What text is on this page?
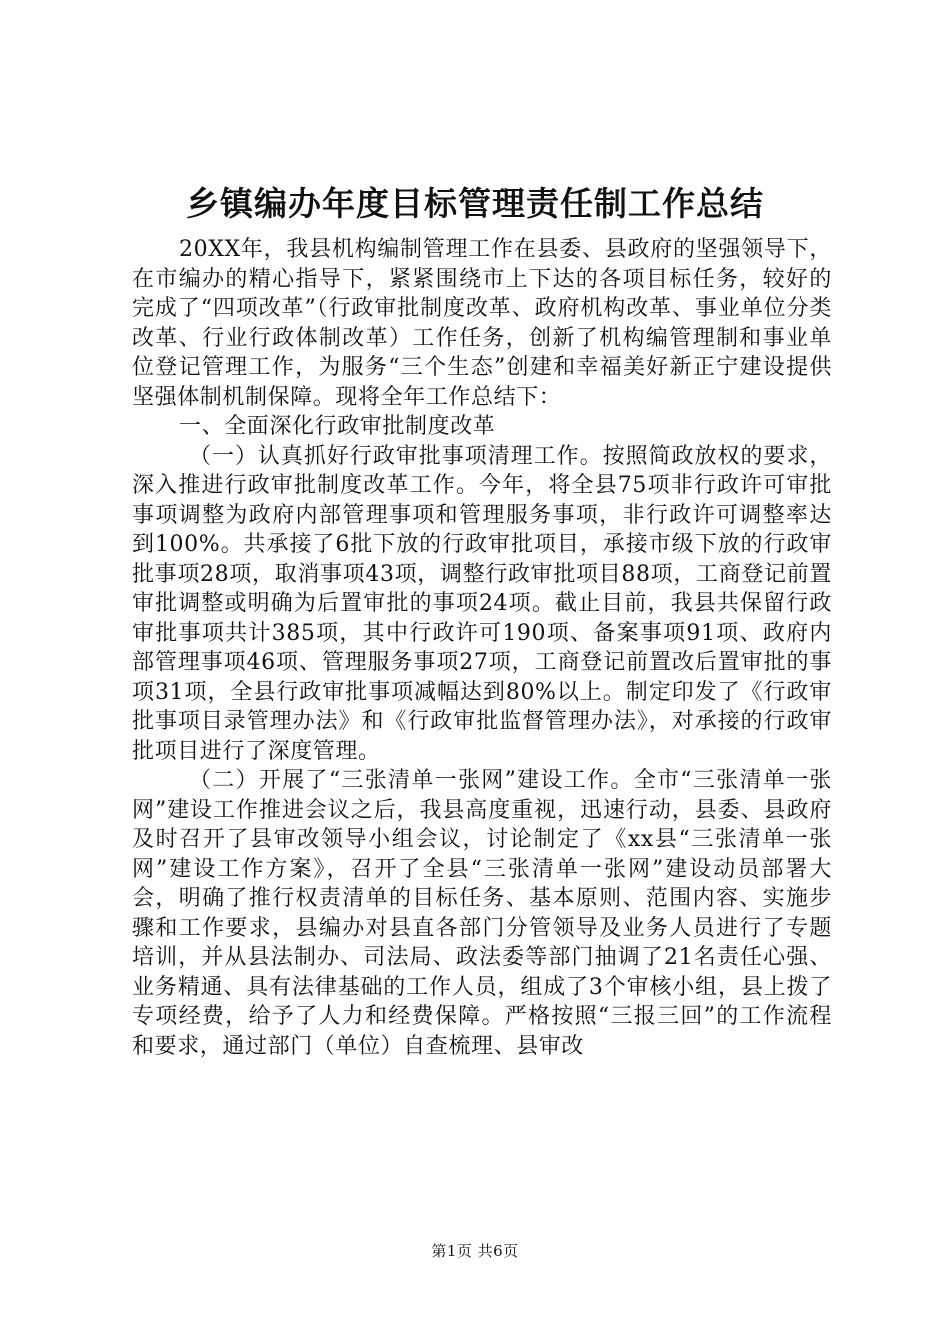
乡镇编办年度目标管理责任制工作总结

20XX年，我县机构编制管理工作在县委、县政府的坚强领导下，在市编办的精心指导下，紧紧围绕市上下达的各项目标任务，较好的完成了“四项改革”（行政审批制度改革、政府机构改革、事业单位分类改革、行业行政体制改革）工作任务，创新了机构编管理制和事业单位登记管理工作，为服务“三个生态”创建和幸福美好新正宁建设提供坚强体制机制保障。现将全年工作总结下：

一、全面深化行政审批制度改革

（一）认真抓好行政审批事项清理工作。按照简政放权的要求，深入推进行政审批制度改革工作。今年，将全县75项非行政许可审批事项调整为政府内部管理事项和管理服务事项，非行政许可调整率达到100%。共承接了6批下放的行政审批项目，承接市级下放的行政审批事项28项，取消事项43项，调整行政审批项目88项，工商登记前置审批调整或明确为后置审批的事项24项。截止目前，我县共保留行政审批事项共计385项，其中行政许可190项、备案事项91项、政府内部管理事项46项、管理服务事项27项，工商登记前置改后置审批的事项31项，全县行政审批事项减幅达到80%以上。制定印发了《行政审批事项目录管理办法》和《行政审批监督管理办法》，对承接的行政审批项目进行了深度管理。

（二）开展了“三张清单一张网”建设工作。全市“三张清单一张网”建设工作推进会议之后，我县高度重视，迅速行动，县委、县政府及时召开了县审改领导小组会议，讨论制定了《xx县“三张清单一张网”建设工作方案》，召开了全县“三张清单一张网”建设动员部署大会，明确了推行权责清单的目标任务、基本原则、范围内容、实施步骤和工作要求，县编办对县直各部门分管领导及业务人员进行了专题培训，并从县法制办、司法局、政法委等部门抽调了21名责任心强、业务精通、具有法律基础的工作人员，组成了3个审核小组，县上拨了专项经费，给予了人力和经费保障。严格按照“三报三回”的工作流程和要求，通过部门（单位）自查梳理、县审改

第1页 共6页
